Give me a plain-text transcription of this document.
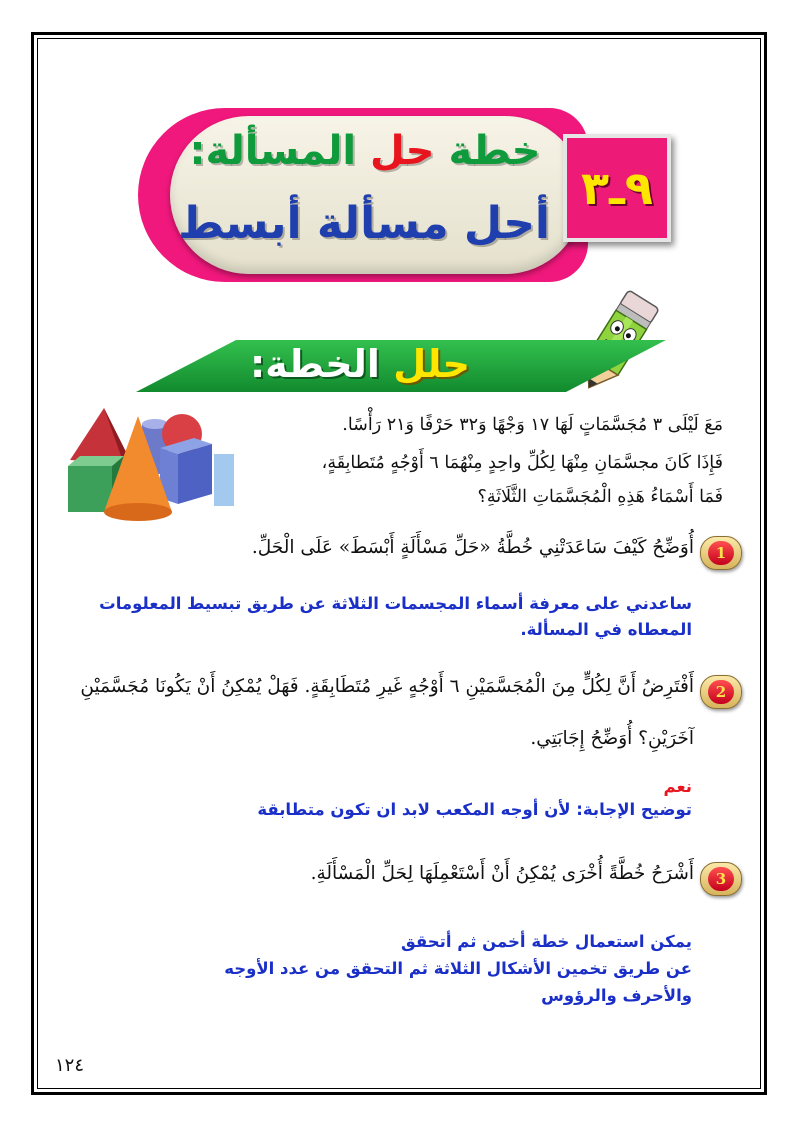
خطة حل المسألة:
أحل مسألة أبسط
٩ـ٣
حلل الخطة:
مَعَ لَيْلَى ٣ مُجَسَّمَاتٍ لَهَا ١٧ وَجْهًا وَ٣٢ حَرْفًا وَ٢١ رَأْسًا.
فَإِذَا كَانَ مجسَّمَانِ مِنْهَا لِكُلِّ واحِدٍ مِنْهُمَا ٦ أَوْجُهٍ مُتَطابِقَةٍ،
فَمَا أَسْمَاءُ هَذِهِ الْمُجَسَّمَاتِ الثَّلَاثَةِ؟
1
أُوَضِّحُ كَيْفَ سَاعَدَتْنِي خُطَّةُ «حَلِّ مَسْأَلَةٍ أَبْسَطَ» عَلَى الْحَلِّ.
ساعدني على معرفة أسماء المجسمات الثلاثة عن طريق تبسيط المعلومات
المعطاه في المسألة.
2
أَفْتَرِضُ أَنَّ لِكُلٍّ مِنَ الْمُجَسَّمَيْنِ ٦ أَوْجُهٍ غَيرِ مُتَطَابِقَةٍ. فَهَلْ يُمْكِنُ أَنْ يَكُونَا مُجَسَّمَيْنِ
آخَرَيْنِ؟ أُوَضِّحُ إِجَابَتِي.
نعم
توضيح الإجابة: لأن أوجه المكعب لابد ان تكون متطابقة
3
أَشْرَحُ خُطَّةً أُخْرَى يُمْكِنُ أَنْ أَسْتَعْمِلَهَا لِحَلِّ الْمَسْأَلَةِ.
يمكن استعمال خطة أخمن ثم أتحقق
عن طريق تخمين الأشكال الثلاثة ثم التحقق من عدد الأوجه
والأحرف والرؤوس
١٢٤
